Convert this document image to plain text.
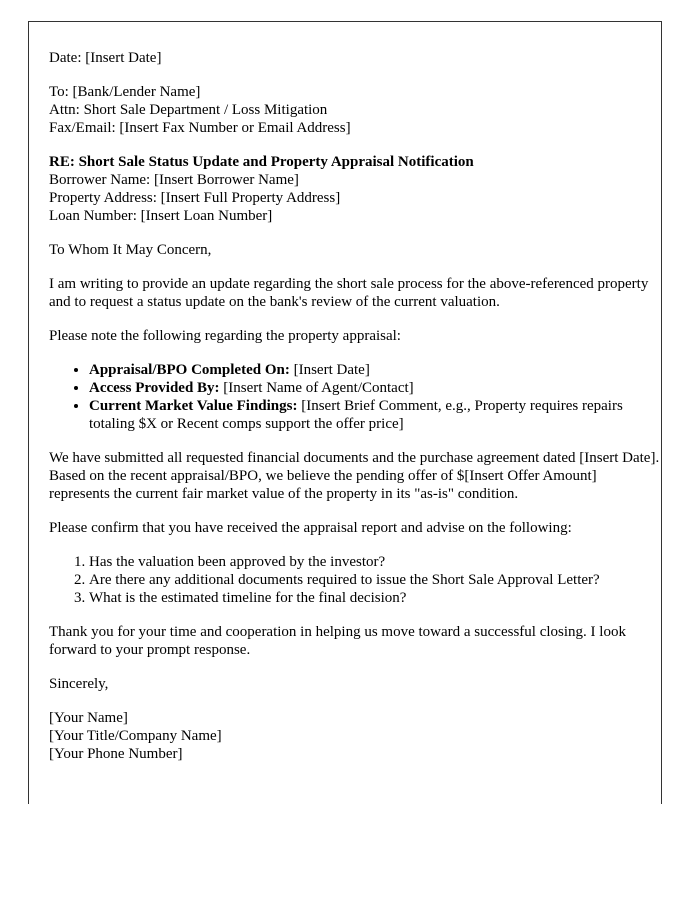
Date: [Insert Date]

To: [Bank/Lender Name]
Attn: Short Sale Department / Loss Mitigation
Fax/Email: [Insert Fax Number or Email Address]

RE: Short Sale Status Update and Property Appraisal Notification
Borrower Name: [Insert Borrower Name]
Property Address: [Insert Full Property Address]
Loan Number: [Insert Loan Number]

To Whom It May Concern,

I am writing to provide an update regarding the short sale process for the above-referenced property and to request a status update on the bank's review of the current valuation.

Please note the following regarding the property appraisal:

• Appraisal/BPO Completed On: [Insert Date]
• Access Provided By: [Insert Name of Agent/Contact]
• Current Market Value Findings: [Insert Brief Comment, e.g., Property requires repairs totaling $X or Recent comps support the offer price]

We have submitted all requested financial documents and the purchase agreement dated [Insert Date]. Based on the recent appraisal/BPO, we believe the pending offer of $[Insert Offer Amount] represents the current fair market value of the property in its "as-is" condition.

Please confirm that you have received the appraisal report and advise on the following:

1. Has the valuation been approved by the investor?
2. Are there any additional documents required to issue the Short Sale Approval Letter?
3. What is the estimated timeline for the final decision?

Thank you for your time and cooperation in helping us move toward a successful closing. I look forward to your prompt response.

Sincerely,

[Your Name]
[Your Title/Company Name]
[Your Phone Number]
